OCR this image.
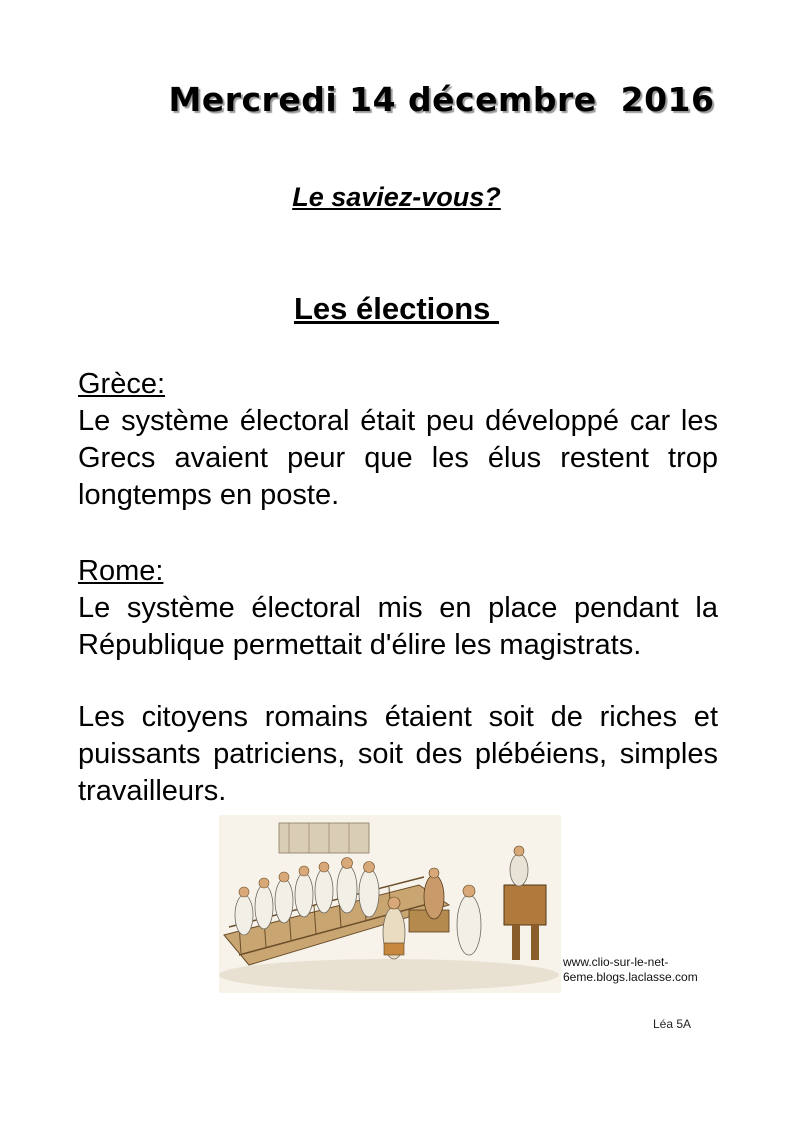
Mercredi 14 décembre  2016
Le saviez-vous?
Les élections
Grèce:
Le système électoral était peu développé car les Grecs avaient peur que les élus restent trop longtemps en poste.
Rome:
Le système électoral mis en place pendant la République permettait d'élire les magistrats.
Les citoyens romains étaient soit de riches et puissants patriciens, soit des plébéiens, simples travailleurs.
www.clio-sur-le-net-
6eme.blogs.laclasse.com
Léa 5A
